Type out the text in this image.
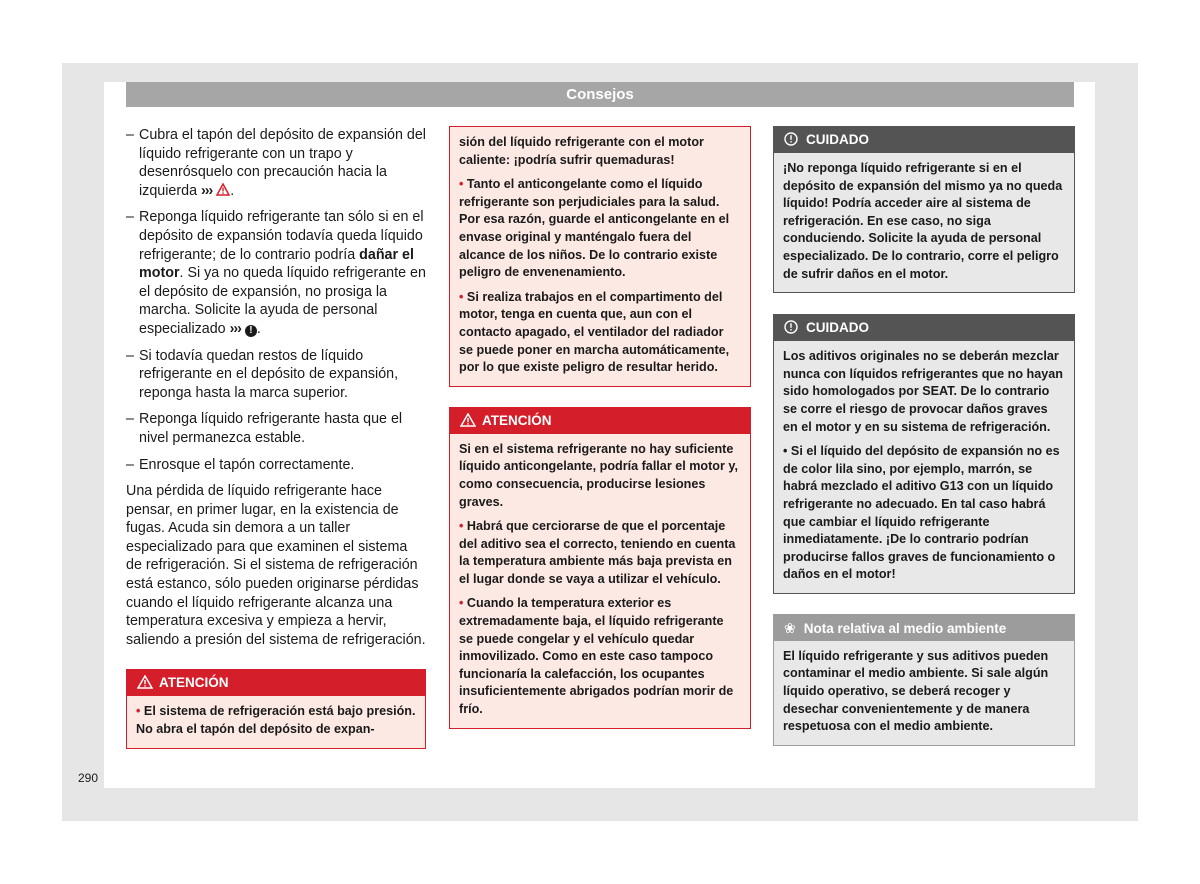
Consejos
– Cubra el tapón del depósito de expansión del líquido refrigerante con un trapo y desenrósquelo con precaución hacia la izquierda ››› .
– Reponga líquido refrigerante tan sólo si en el depósito de expansión todavía queda líquido refrigerante; de lo contrario podría dañar el motor. Si ya no queda líquido refrigerante en el depósito de expansión, no prosiga la marcha. Solicite la ayuda de personal especializado ››› ! .
– Si todavía quedan restos de líquido refrigerante en el depósito de expansión, reponga hasta la marca superior.
– Reponga líquido refrigerante hasta que el nivel permanezca estable.
– Enrosque el tapón correctamente.
Una pérdida de líquido refrigerante hace pensar, en primer lugar, en la existencia de fugas. Acuda sin demora a un taller especializado para que examinen el sistema de refrigeración. Si el sistema de refrigeración está estanco, sólo pueden originarse pérdidas cuando el líquido refrigerante alcanza una temperatura excesiva y empieza a hervir, saliendo a presión del sistema de refrigeración.
ATENCIÓN

• El sistema de refrigeración está bajo presión. No abra el tapón del depósito de expan-

sión del líquido refrigerante con el motor caliente: ¡podría sufrir quemaduras!

• Tanto el anticongelante como el líquido refrigerante son perjudiciales para la salud. Por esa razón, guarde el anticongelante en el envase original y manténgalo fuera del alcance de los niños. De lo contrario existe peligro de envenenamiento.

• Si realiza trabajos en el compartimento del motor, tenga en cuenta que, aun con el contacto apagado, el ventilador del radiador se puede poner en marcha automáticamente, por lo que existe peligro de resultar herido.

ATENCIÓN

Si en el sistema refrigerante no hay suficiente líquido anticongelante, podría fallar el motor y, como consecuencia, producirse lesiones graves.

• Habrá que cerciorarse de que el porcentaje del aditivo sea el correcto, teniendo en cuenta la temperatura ambiente más baja prevista en el lugar donde se vaya a utilizar el vehículo.

• Cuando la temperatura exterior es extremadamente baja, el líquido refrigerante se puede congelar y el vehículo quedar inmovilizado. Como en este caso tampoco funcionaría la calefacción, los ocupantes insuficientemente abrigados podrían morir de frío.

CUIDADO

¡No reponga líquido refrigerante si en el depósito de expansión del mismo ya no queda líquido! Podría acceder aire al sistema de refrigeración. En ese caso, no siga conduciendo. Solicite la ayuda de personal especializado. De lo contrario, corre el peligro de sufrir daños en el motor.

CUIDADO

Los aditivos originales no se deberán mezclar nunca con líquidos refrigerantes que no hayan sido homologados por SEAT. De lo contrario se corre el riesgo de provocar daños graves en el motor y en su sistema de refrigeración.

• Si el líquido del depósito de expansión no es de color lila sino, por ejemplo, marrón, se habrá mezclado el aditivo G13 con un líquido refrigerante no adecuado. En tal caso habrá que cambiar el líquido refrigerante inmediatamente. ¡De lo contrario podrían producirse fallos graves de funcionamiento o daños en el motor!

❀ Nota relativa al medio ambiente

El líquido refrigerante y sus aditivos pueden contaminar el medio ambiente. Si sale algún líquido operativo, se deberá recoger y desechar convenientemente y de manera respetuosa con el medio ambiente.

290
